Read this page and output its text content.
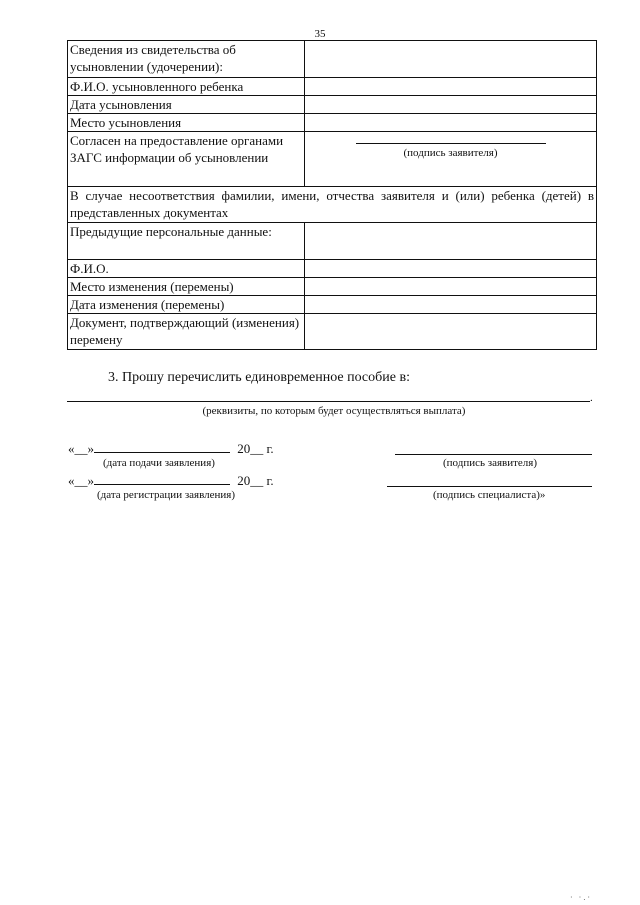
35
Сведения из свидетельства об усыновлении (удочерении):	
Ф.И.О. усыновленного ребенка	
Дата усыновления	
Место усыновления	
Согласен на предоставление органами ЗАГС информации об усыновлении	(подпись заявителя)

В случае несоответствия фамилии, имени, отчества заявителя и (или) ребенка (детей) в представленных документах	
Предыдущие персональные данные:	
Ф.И.О.	
Место изменения (перемены)	
Дата изменения (перемены)	
Документ, подтверждающий (изменения) перемену	
3. Прошу перечислить единовременное пособие в:
.
(реквизиты, по которым будет осуществляться выплата)
«__»	20__ г.
(дата подачи заявления)	(подпись заявителя)
«__»	20__ г.
(дата регистрации заявления)	(подпись специалиста)»
· ·.·
